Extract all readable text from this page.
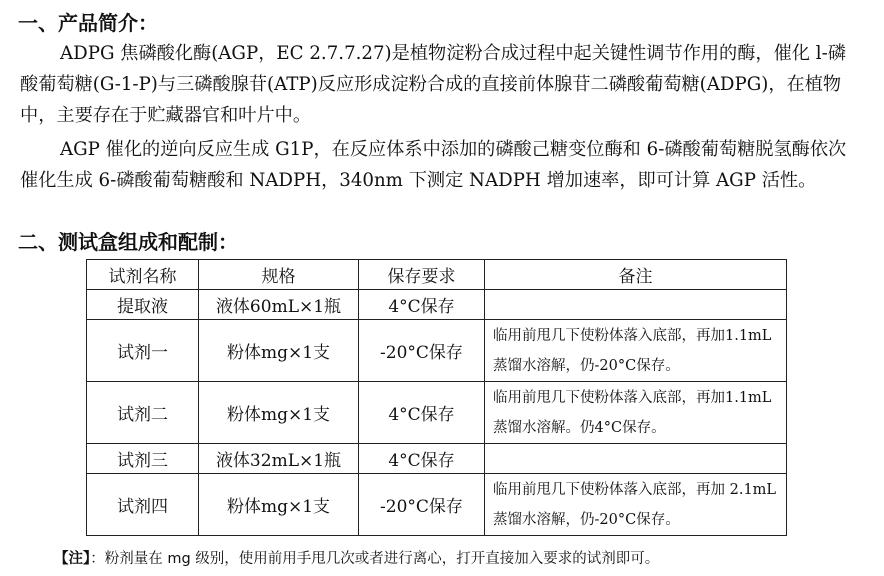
一、产品简介：
ADPG 焦磷酸化酶(AGP，EC 2.7.7.27)是植物淀粉合成过程中起关键性调节作用的酶，催化 l-磷酸葡萄糖(G-1-P)与三磷酸腺苷(ATP)反应形成淀粉合成的直接前体腺苷二磷酸葡萄糖(ADPG)，在植物中，主要存在于贮藏器官和叶片中。
AGP 催化的逆向反应生成 G1P，在反应体系中添加的磷酸己糖变位酶和 6-磷酸葡萄糖脱氢酶依次催化生成 6-磷酸葡萄糖酸和 NADPH，340nm 下测定 NADPH 增加速率，即可计算 AGP 活性。
二、测试盒组成和配制：
试剂名称	规格	保存要求	备注
提取液	液体60mL×1瓶	4°C保存	
试剂一	粉体mg×1支	-20°C保存	临用前甩几下使粉体落入底部，再加1.1mL蒸馏水溶解，仍-20°C保存。
试剂二	粉体mg×1支	4°C保存	临用前甩几下使粉体落入底部，再加1.1mL蒸馏水溶解。仍4°C保存。
试剂三	液体32mL×1瓶	4°C保存	
试剂四	粉体mg×1支	-20°C保存	临用前甩几下使粉体落入底部，再加 2.1mL 蒸馏水溶解，仍-20°C保存。
【注】：粉剂量在 mg 级别，使用前用手甩几次或者进行离心，打开直接加入要求的试剂即可。
